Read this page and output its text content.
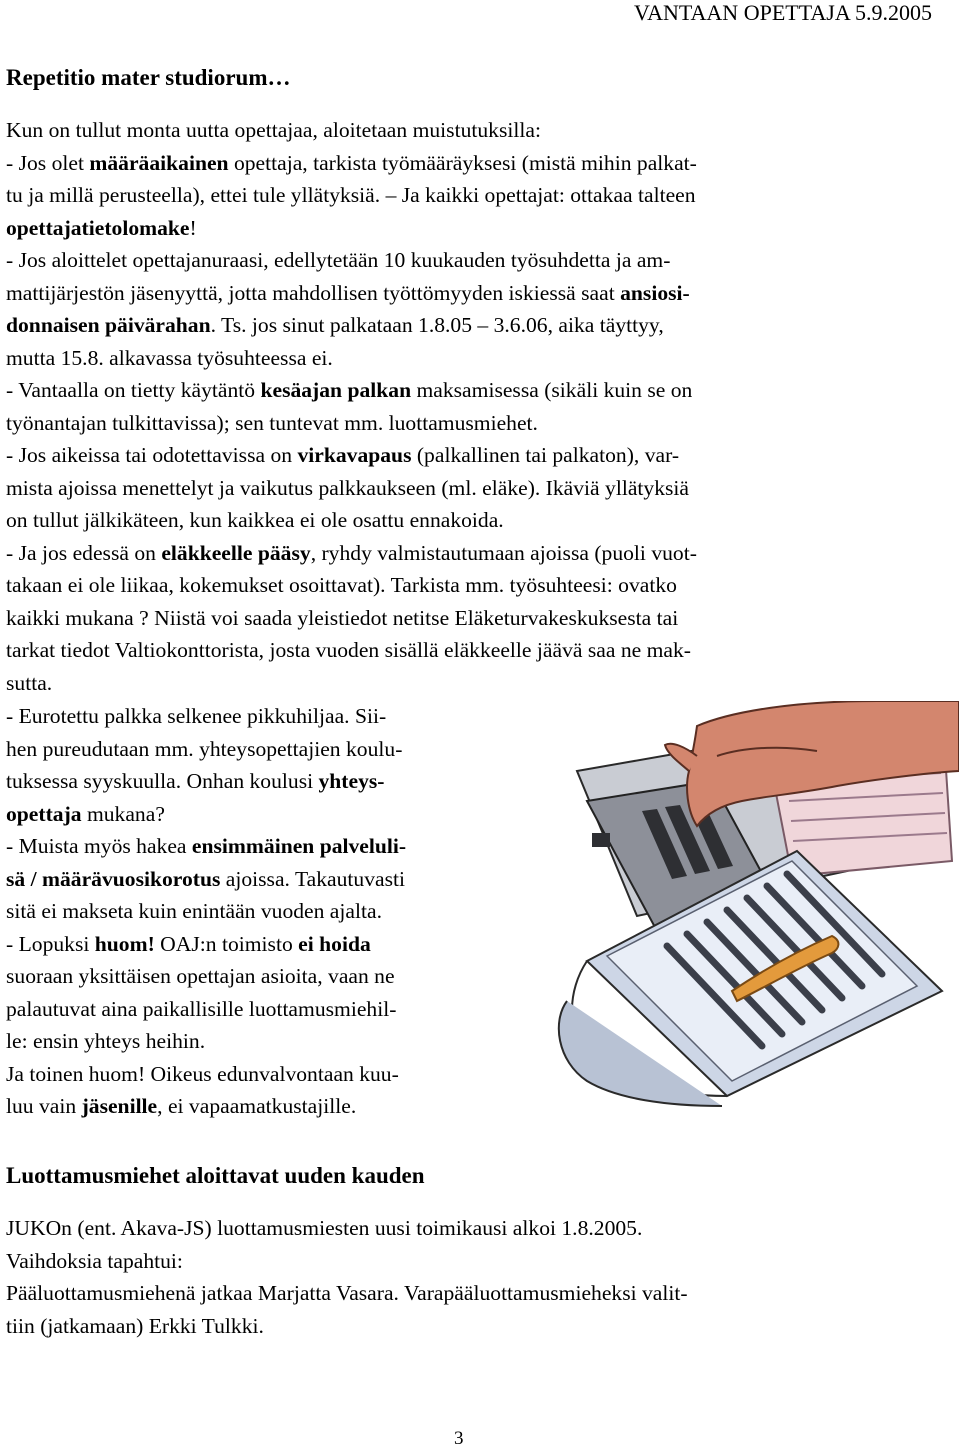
VANTAAN OPETTAJA 5.9.2005
Repetitio mater studiorum…
Kun on tullut monta uutta opettajaa, aloitetaan muistutuksilla:
- Jos olet määräaikainen opettaja, tarkista työmääräyksesi (mistä mihin palkat-
tu ja millä perusteella), ettei tule yllätyksiä. – Ja kaikki opettajat: ottakaa talteen
opettajatietolomake!
- Jos aloittelet opettajanuraasi, edellytetään 10 kuukauden työsuhdetta ja am-
mattijärjestön jäsenyyttä, jotta mahdollisen työttömyyden iskiessä saat ansiosi-
donnaisen päivärahan. Ts. jos sinut palkataan 1.8.05 – 3.6.06, aika täyttyy,
mutta 15.8. alkavassa työsuhteessa ei.
- Vantaalla on tietty käytäntö kesäajan palkan maksamisessa (sikäli kuin se on
työnantajan tulkittavissa); sen tuntevat mm. luottamusmiehet.
- Jos aikeissa tai odotettavissa on virkavapaus (palkallinen tai palkaton), var-
mista ajoissa menettelyt ja vaikutus palkkaukseen (ml. eläke). Ikäviä yllätyksiä
on tullut jälkikäteen, kun kaikkea ei ole osattu ennakoida.
- Ja jos edessä on eläkkeelle pääsy, ryhdy valmistautumaan ajoissa (puoli vuot-
takaan ei ole liikaa, kokemukset osoittavat). Tarkista mm. työsuhteesi: ovatko
kaikki mukana ? Niistä voi saada yleistiedot netitse Eläketurvakeskuksesta tai
tarkat tiedot Valtiokonttorista, josta vuoden sisällä eläkkeelle jäävä saa ne mak-
sutta.
- Eurotettu palkka selkenee pikkuhiljaa. Sii-
hen pureudutaan mm. yhteysopettajien koulu-
tuksessa syyskuulla. Onhan koulusi yhteys-
opettaja mukana?
- Muista myös hakea ensimmäinen palveluli-
sä / määrävuosikorotus ajoissa. Takautuvasti
sitä ei makseta kuin enintään vuoden ajalta.
- Lopuksi huom! OAJ:n toimisto ei hoida
suoraan yksittäisen opettajan asioita, vaan ne
palautuvat aina paikallisille luottamusmiehil-
le: ensin yhteys heihin.
Ja toinen huom! Oikeus edunvalvontaan kuu-
luu vain jäsenille, ei vapaamatkustajille.
Luottamusmiehet aloittavat uuden kauden
JUKOn (ent. Akava-JS) luottamusmiesten uusi toimikausi alkoi 1.8.2005.
Vaihdoksia tapahtui:
Pääluottamusmiehenä jatkaa Marjatta Vasara. Varapääluottamusmieheksi valit-
tiin (jatkamaan) Erkki Tulkki.
3
